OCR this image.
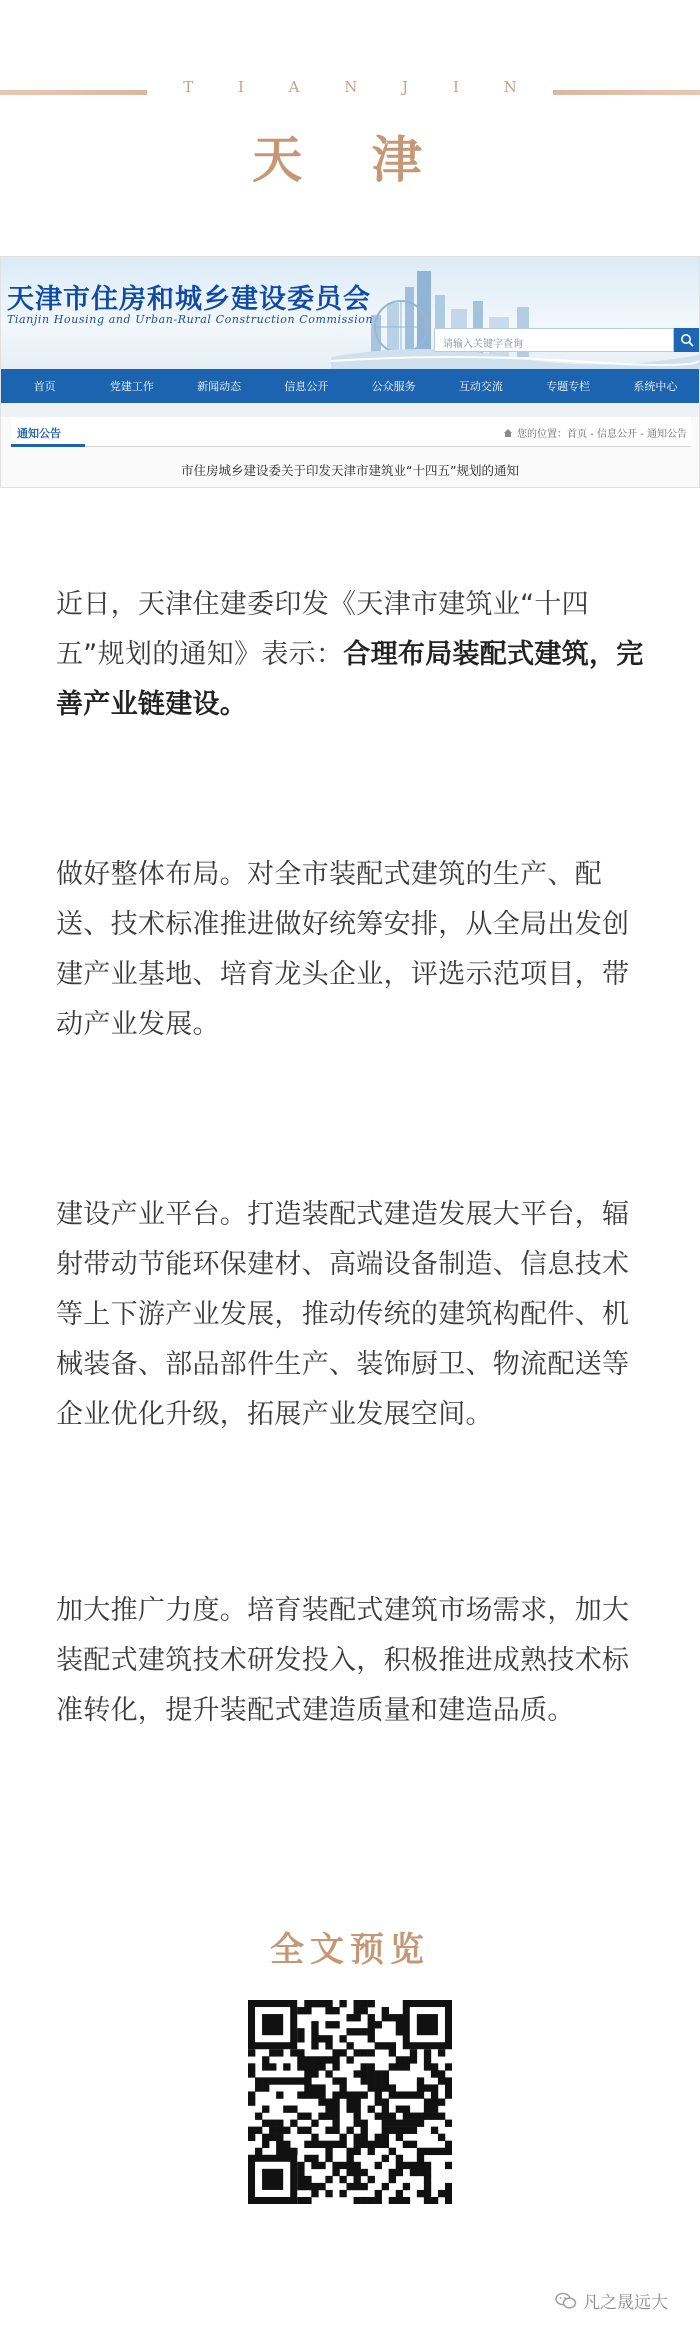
T I A N J I N
天 津
天津市住房和城乡建设委员会
Tianjin Housing and Urban-Rural Construction Commission
请输入关键字查询
首页	党建工作	新闻动态	信息公开	公众服务	互动交流	专题专栏	系统中心
通知公告	您的位置：首页 - 信息公开 - 通知公告
市住房城乡建设委关于印发天津市建筑业“十四五”规划的通知
近日，天津住建委印发《天津市建筑业“十四五”规划的通知》表示：合理布局装配式建筑，完善产业链建设。
做好整体布局。对全市装配式建筑的生产、配送、技术标准推进做好统筹安排，从全局出发创建产业基地、培育龙头企业，评选示范项目，带动产业发展。
建设产业平台。打造装配式建造发展大平台，辐射带动节能环保建材、高端设备制造、信息技术等上下游产业发展，推动传统的建筑构配件、机械装备、部品部件生产、装饰厨卫、物流配送等企业优化升级，拓展产业发展空间。
加大推广力度。培育装配式建筑市场需求，加大装配式建筑技术研发投入，积极推进成熟技术标准转化，提升装配式建造质量和建造品质。
全文预览
凡之晟远大
